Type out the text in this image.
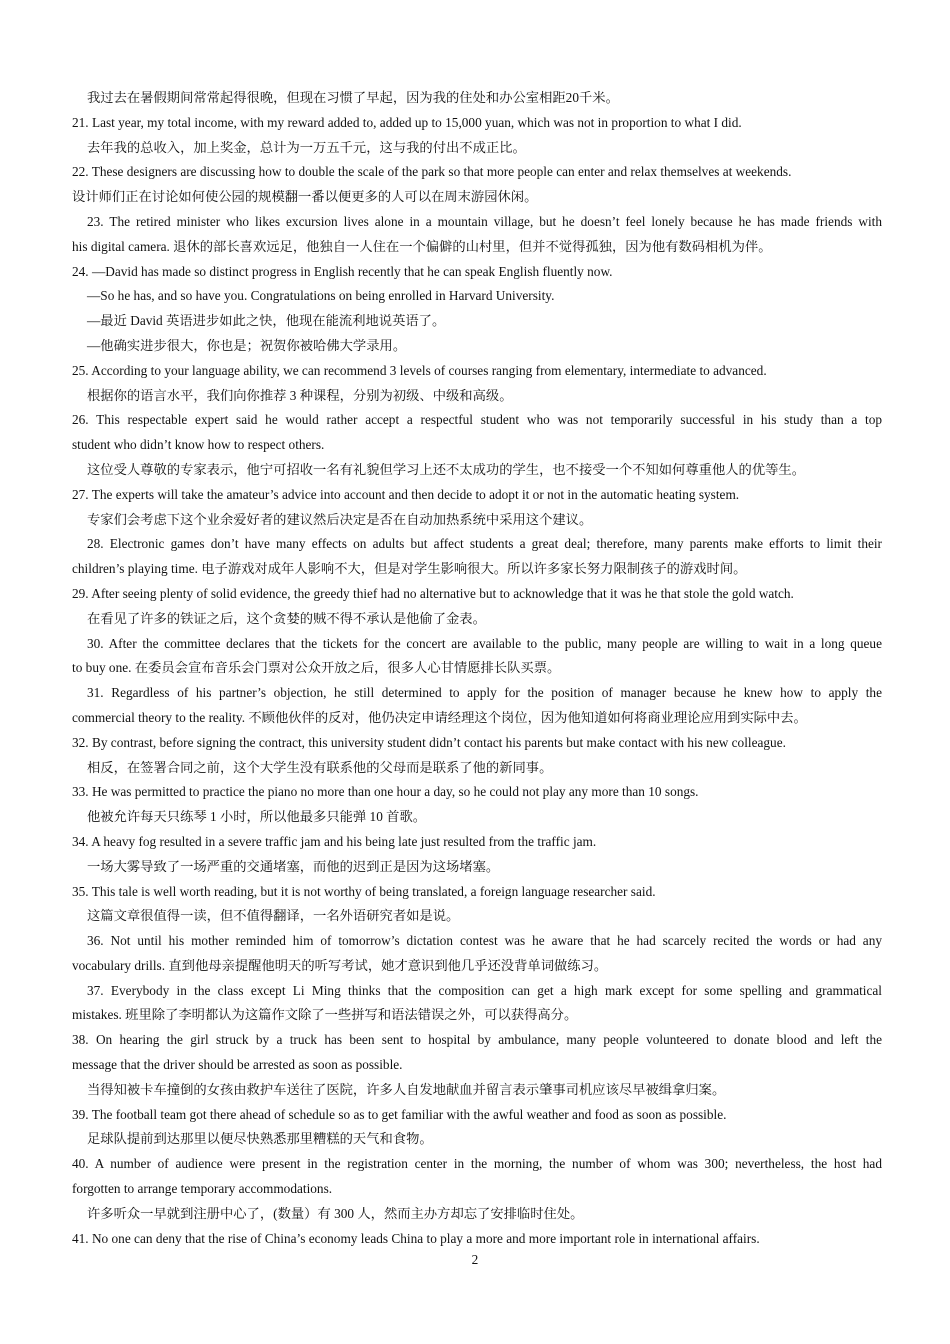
我过去在暑假期间常常起得很晚，但现在习惯了早起，因为我的住处和办公室相距20千米。
21. Last year, my total income, with my reward added to, added up to 15,000 yuan, which was not in proportion to what I did.
去年我的总收入，加上奖金，总计为一万五千元，这与我的付出不成正比。
22. These designers are discussing how to double the scale of the park so that more people can enter and relax themselves at weekends.
设计师们正在讨论如何使公园的规模翻一番以便更多的人可以在周末游园休闲。
23. The retired minister who likes excursion lives alone in a mountain village, but he doesn’t feel lonely because he has made friends with
his digital camera. 退休的部长喜欢远足，他独自一人住在一个偏僻的山村里，但并不觉得孤独，因为他有数码相机为伴。
24. —David has made so distinct progress in English recently that he can speak English fluently now.
—So he has, and so have you. Congratulations on being enrolled in Harvard University.
—最近 David 英语进步如此之快，他现在能流利地说英语了。
—他确实进步很大，你也是；祝贺你被哈佛大学录用。
25. According to your language ability, we can recommend 3 levels of courses ranging from elementary, intermediate to advanced.
根据你的语言水平，我们向你推荐 3 种课程，分别为初级、中级和高级。
26. This respectable expert said he would rather accept a respectful student who was not temporarily successful in his study than a top
student who didn’t know how to respect others.
这位受人尊敬的专家表示，他宁可招收一名有礼貌但学习上还不太成功的学生，也不接受一个不知如何尊重他人的优等生。
27. The experts will take the amateur’s advice into account and then decide to adopt it or not in the automatic heating system.
专家们会考虑下这个业余爱好者的建议然后决定是否在自动加热系统中采用这个建议。
28. Electronic games don’t have many effects on adults but affect students a great deal; therefore, many parents make efforts to limit their
children’s playing time. 电子游戏对成年人影响不大，但是对学生影响很大。所以许多家长努力限制孩子的游戏时间。
29. After seeing plenty of solid evidence, the greedy thief had no alternative but to acknowledge that it was he that stole the gold watch.
在看见了许多的铁证之后，这个贪婪的贼不得不承认是他偷了金表。
30. After the committee declares that the tickets for the concert are available to the public, many people are willing to wait in a long queue
to buy one. 在委员会宣布音乐会门票对公众开放之后，很多人心甘情愿排长队买票。
31. Regardless of his partner’s objection, he still determined to apply for the position of manager because he knew how to apply the
commercial theory to the reality. 不顾他伙伴的反对，他仍决定申请经理这个岗位，因为他知道如何将商业理论应用到实际中去。
32. By contrast, before signing the contract, this university student didn’t contact his parents but make contact with his new colleague.
相反，在签署合同之前，这个大学生没有联系他的父母而是联系了他的新同事。
33. He was permitted to practice the piano no more than one hour a day, so he could not play any more than 10 songs.
他被允许每天只练琴 1 小时，所以他最多只能弹 10 首歌。
34. A heavy fog resulted in a severe traffic jam and his being late just resulted from the traffic jam.
一场大雾导致了一场严重的交通堵塞，而他的迟到正是因为这场堵塞。
35. This tale is well worth reading, but it is not worthy of being translated, a foreign language researcher said.
这篇文章很值得一读，但不值得翻译，一名外语研究者如是说。
36. Not until his mother reminded him of tomorrow’s dictation contest was he aware that he had scarcely recited the words or had any
vocabulary drills. 直到他母亲提醒他明天的听写考试，她才意识到他几乎还没背单词做练习。
37. Everybody in the class except Li Ming thinks that the composition can get a high mark except for some spelling and grammatical
mistakes. 班里除了李明都认为这篇作文除了一些拼写和语法错误之外，可以获得高分。
38. On hearing the girl struck by a truck has been sent to hospital by ambulance, many people volunteered to donate blood and left the
message that the driver should be arrested as soon as possible.
当得知被卡车撞倒的女孩由救护车送往了医院，许多人自发地献血并留言表示肇事司机应该尽早被缉拿归案。
39. The football team got there ahead of schedule so as to get familiar with the awful weather and food as soon as possible.
足球队提前到达那里以便尽快熟悉那里糟糕的天气和食物。
40. A number of audience were present in the registration center in the morning, the number of whom was 300; nevertheless, the host had
forgotten to arrange temporary accommodations.
许多听众一早就到注册中心了，(数量）有 300 人，然而主办方却忘了安排临时住处。
41. No one can deny that the rise of China’s economy leads China to play a more and more important role in international affairs.
2
